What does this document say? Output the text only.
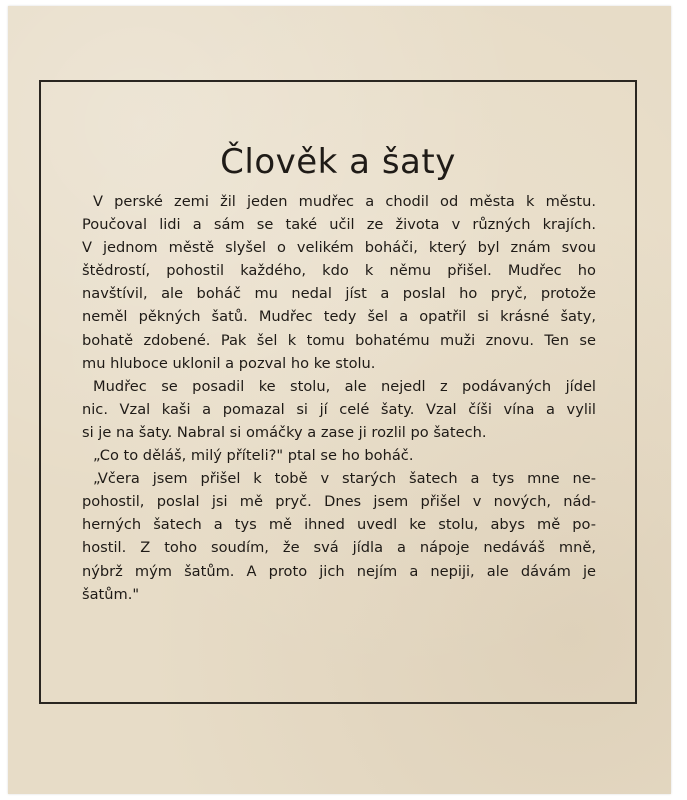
Člověk a šaty
V perské zemi žil jeden mudřec a chodil od města k městu.
Poučoval lidi a sám se také učil ze života v různých krajích.
V jednom městě slyšel o velikém boháči, který byl znám svou
štědrostí, pohostil každého, kdo k němu přišel. Mudřec ho
navštívil, ale boháč mu nedal jíst a poslal ho pryč, protože
neměl pěkných šatů. Mudřec tedy šel a opatřil si krásné šaty,
bohatě zdobené. Pak šel k tomu bohatému muži znovu. Ten se
mu hluboce uklonil a pozval ho ke stolu.
Mudřec se posadil ke stolu, ale nejedl z podávaných jídel
nic. Vzal kaši a pomazal si jí celé šaty. Vzal číši vína a vylil
si je na šaty. Nabral si omáčky a zase ji rozlil po šatech.
„Co to děláš, milý příteli?" ptal se ho boháč.
„Včera jsem přišel k tobě v starých šatech a tys mne ne-
pohostil, poslal jsi mě pryč. Dnes jsem přišel v nových, nád-
herných šatech a tys mě ihned uvedl ke stolu, abys mě po-
hostil. Z toho soudím, že svá jídla a nápoje nedáváš mně,
nýbrž mým šatům. A proto jich nejím a nepiji, ale dávám je
šatům."
